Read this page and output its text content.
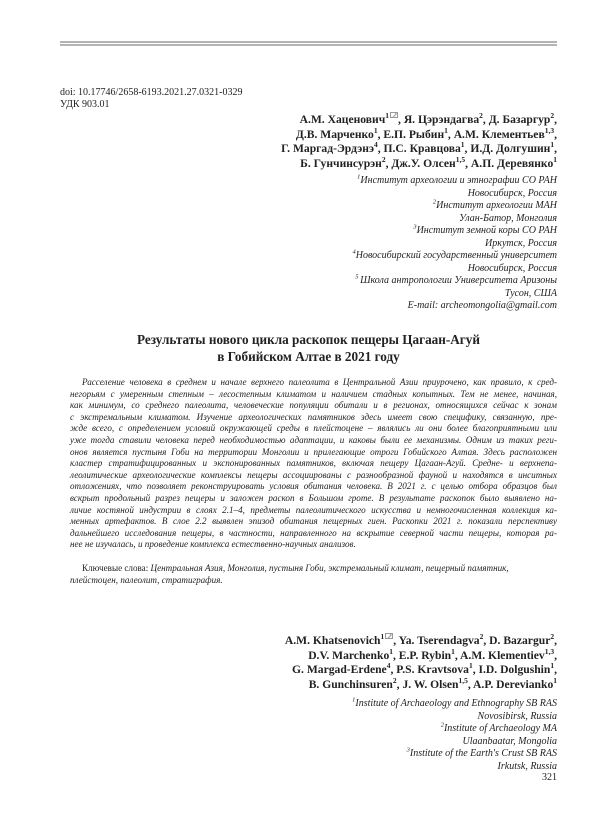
doi: 10.17746/2658-6193.2021.27.0321-0329
УДК 903.01
А.М. Хаценович$^1$ , Я. Цэрэндагва$^2$, Д. Базаргур$^2$,
Д.В. Марченко$^1$, Е.П. Рыбин$^1$, А.М. Клементьев$^{1,3}$,
Г. Маргад-Эрдэнэ$^4$, П.С. Кравцова$^1$, И.Д. Долгушин$^1$,
Б. Гунчинсурэн$^2$, Дж.У. Олсен$^{1,5}$, А.П. Деревянко$^1$
$^1$Институт археологии и этнографии СО РАН
Новосибирск, Россия
$^2$Институт археологии МАН
Улан-Батор, Монголия
$^3$Институт земной коры СО РАН
Иркутск, Россия
$^4$Новосибирский государственный университет
Новосибирск, Россия
$^5$ Школа антропологии Университета Аризоны
Тусон, США
E-mail: archeomongolia@gmail.com
Результаты нового цикла раскопок пещеры Цагаан-Агуй
в Гобийском Алтае в 2021 году
Расселение человека в среднем и начале верхнего палеолита в Центральной Азии приурочено, как правило, к сред-
негорьям с умеренным степным – лесостепным климатом и наличием стадных копытных. Тем не менее, начиная,
как минимум, со среднего палеолита, человеческие популяции обитали и в регионах, относящихся сейчас к зонам
с экстремальным климатом. Изучение археологических памятников здесь имеет свою специфику, связанную, пре-
жде всего, с определением условий окружающей среды в плейстоцене – являлись ли они более благоприятными или
уже тогда ставили человека перед необходимостью адаптации, и каковы были ее механизмы. Одним из таких реги-
онов является пустыня Гоби на территории Монголии и прилегающие отроги Гобийского Алтая. Здесь расположен
кластер стратифицированных и экспонированных памятников, включая пещеру Цагаан-Агуй. Средне- и верхнепа-
леолитические археологические комплексы пещеры ассоциированы с разнообразной фауной и находятся в инситных
отложениях, что позволяет реконструировать условия обитания человека. В 2021 г. с целью отбора образцов был
вскрыт продольный разрез пещеры и заложен раскоп в Большом гроте. В результате раскопок было выявлено на-
личие костяной индустрии в слоях 2.1–4, предметы палеолитического искусства и немногочисленная коллекция ка-
менных артефактов. В слое 2.2 выявлен эпизод обитания пещерных гиен. Раскопки 2021 г. показали перспективу
дальнейшего исследования пещеры, в частности, направленного на вскрытие северной части пещеры, которая ра-
нее не изучалась, и проведение комплекса естественно-научных анализов.
Ключевые слова: Центральная Азия, Монголия, пустыня Гоби, экстремальный климат, пещерный памятник,
плейстоцен, палеолит, стратиграфия.
A.M. Khatsenovich$^1$ , Ya. Tserendagva$^2$, D. Bazargur$^2$,
D.V. Marchenko$^1$, E.P. Rybin$^1$, A.M. Klementiev$^{1,3}$,
G. Margad-Erdene$^4$, P.S. Kravtsova$^1$, I.D. Dolgushin$^1$,
B. Gunchinsuren$^2$, J. W. Olsen$^{1,5}$, A.P. Derevianko$^1$
$^1$Institute of Archaeology and Ethnography SB RAS
Novosibirsk, Russia
$^2$Institute of Archaeology MA
Ulaanbaatar, Mongolia
$^3$Institute of the Earth's Crust SB RAS
Irkutsk, Russia
321
